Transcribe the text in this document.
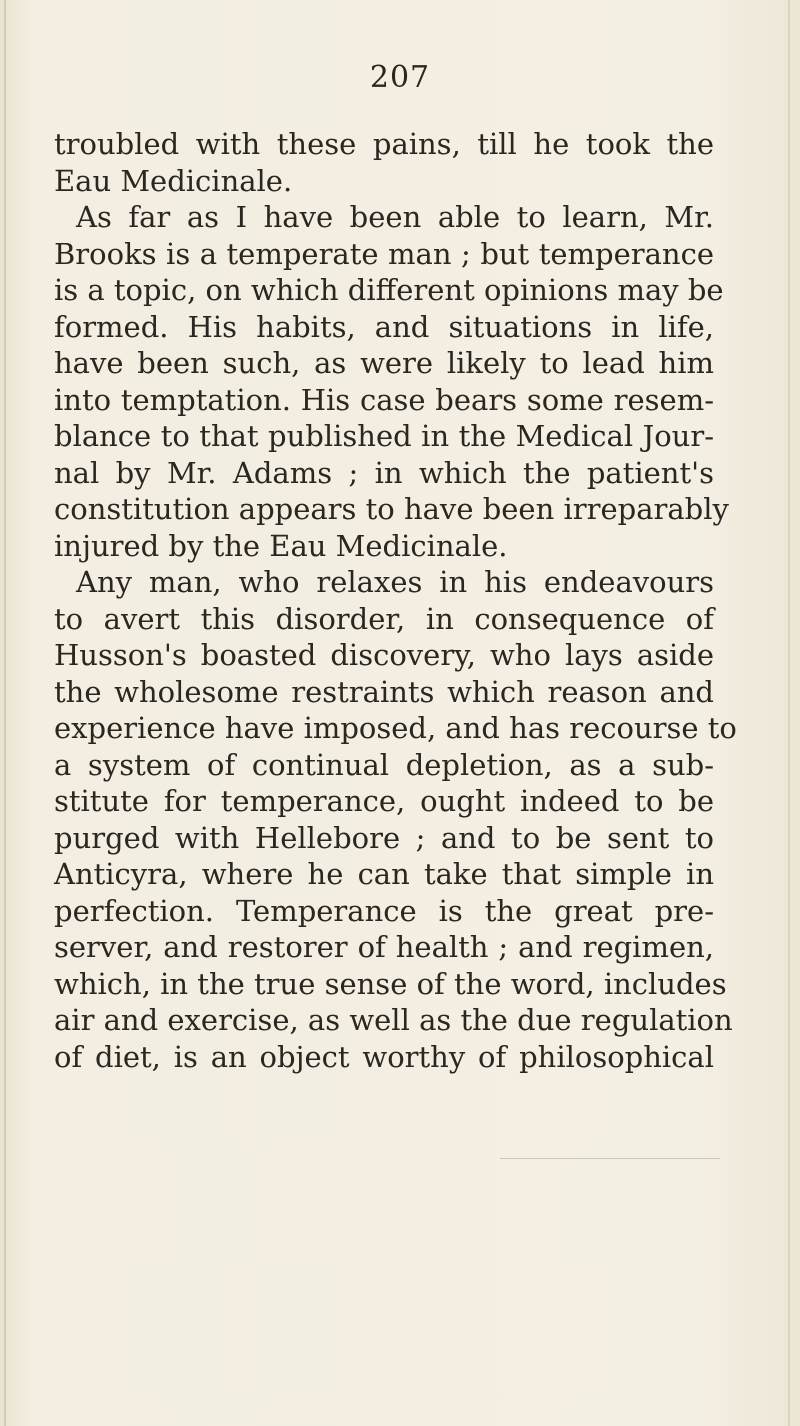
207
troubled with these pains, till he took the
Eau Medicinale.
As far as I have been able to learn, Mr.
Brooks is a temperate man ; but temperance
is a topic, on which different opinions may be
formed. His habits, and situations in life,
have been such, as were likely to lead him
into temptation. His case bears some resem-
blance to that published in the Medical Jour-
nal by Mr. Adams ; in which the patient's
constitution appears to have been irreparably
injured by the Eau Medicinale.
Any man, who relaxes in his endeavours
to avert this disorder, in consequence of
Husson's boasted discovery, who lays aside
the wholesome restraints which reason and
experience have imposed, and has recourse to
a system of continual depletion, as a sub-
stitute for temperance, ought indeed to be
purged with Hellebore ; and to be sent to
Anticyra, where he can take that simple in
perfection. Temperance is the great pre-
server, and restorer of health ; and regimen,
which, in the true sense of the word, includes
air and exercise, as well as the due regulation
of diet, is an object worthy of philosophical
